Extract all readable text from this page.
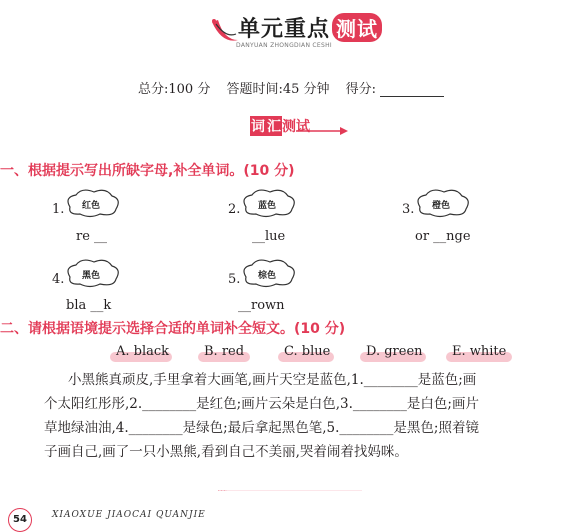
单元重点 测试
DANYUAN ZHONGDIAN CESHI
总分:100 分 答题时间:45 分钟 得分:
词 汇测试
一、根据提示写出所缺字母,补全单词。(10 分)
1. 红色
re __
2. 蓝色
__lue
3. 橙色
or __nge
4. 黑色
bla __k
5. 棕色
__rown
二、请根据语境提示选择合适的单词补全短文。(10 分)
A. black	B. red	C. blue	D. green E. white
小黑熊真顽皮,手里拿着大画笔,画片天空是蓝色,1.________是蓝色;画
个太阳红彤彤,2.________是红色;画片云朵是白色,3.________是白色;画片
草地绿油油,4.________是绿色;最后拿起黑色笔,5.________是黑色;照着镜
子画自己,画了一只小黑熊,看到自己不美丽,哭着闹着找妈咪。
54	XIAOXUE JIAOCAI QUANJIE
